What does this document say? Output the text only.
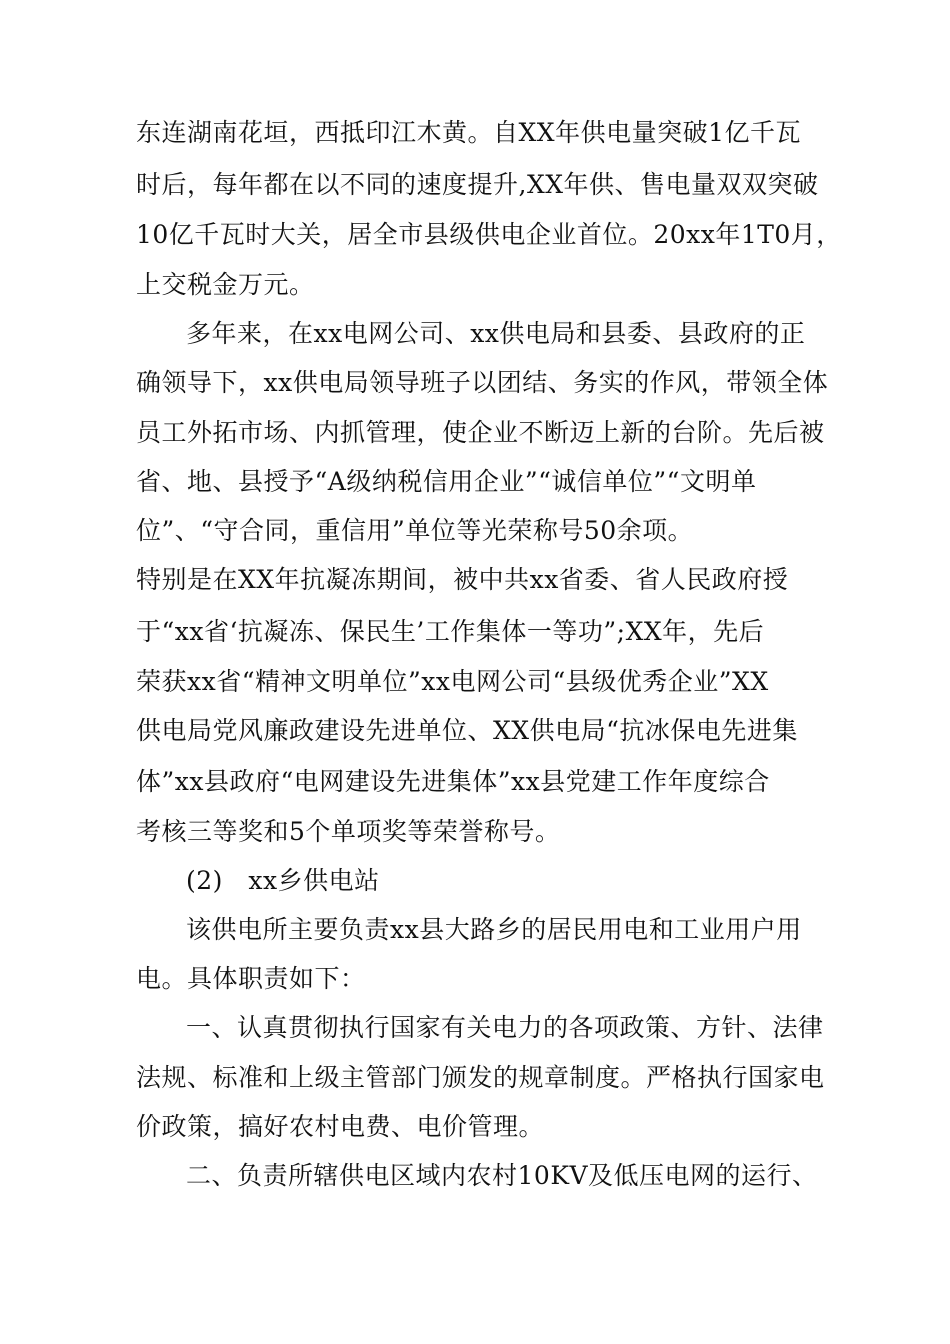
东连湖南花垣，西抵印江木黄。自XX年供电量突破1亿千瓦
时后，每年都在以不同的速度提升,XX年供、售电量双双突破
10亿千瓦时大关，居全市县级供电企业首位。20xx年1T0月，
上交税金万元。
多年来，在xx电网公司、xx供电局和县委、县政府的正
确领导下，xx供电局领导班子以团结、务实的作风，带领全体
员工外拓市场、内抓管理，使企业不断迈上新的台阶。先后被
省、地、县授予“A级纳税信用企业”“诚信单位”“文明单
位”、“守合同，重信用”单位等光荣称号50余项。
特别是在XX年抗凝冻期间，被中共xx省委、省人民政府授
于“xx省‘抗凝冻、保民生’工作集体一等功”;XX年，先后
荣获xx省“精神文明单位”xx电网公司“县级优秀企业”XX
供电局党风廉政建设先进单位、XX供电局“抗冰保电先进集
体”xx县政府“电网建设先进集体”xx县党建工作年度综合
考核三等奖和5个单项奖等荣誉称号。
(2)　xx乡供电站
该供电所主要负责xx县大路乡的居民用电和工业用户用
电。具体职责如下：
一、认真贯彻执行国家有关电力的各项政策、方针、法律
法规、标准和上级主管部门颁发的规章制度。严格执行国家电
价政策，搞好农村电费、电价管理。
二、负责所辖供电区域内农村10KV及低压电网的运行、
